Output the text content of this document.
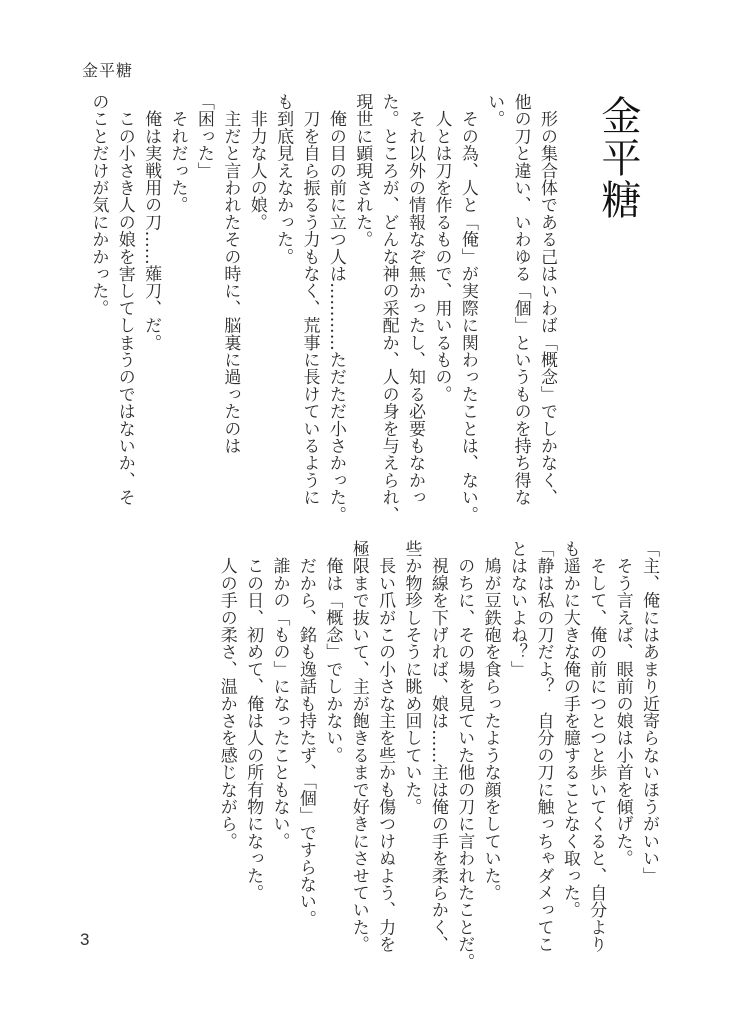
金平糖
金平糖
　形の集合体である己はいわば「概念」でしかなく、
他の刀と違い、いわゆる「個」というものを持ち得な
い。
　その為、人と「俺」が実際に関わったことは、ない。
　人とは刀を作るもので、用いるもの。
　それ以外の情報なぞ無かったし、知る必要もなかっ
た。ところが、どんな神の采配か、人の身を与えられ、
現世に顕現された。
　俺の目の前に立つ人は…………ただただ小さかった。
　刀を自ら振るう力もなく、荒事に長けているように
も到底見えなかった。
　非力な人の娘。
　主だと言われたその時に、脳裏に過ったのは
「困った」
　それだった。
　俺は実戦用の刀……薙刀、だ。
　この小さき人の娘を害してしまうのではないか、そ
のことだけが気にかかった。
「主、俺にはあまり近寄らないほうがいい」
　そう言えば、眼前の娘は小首を傾げた。
　そして、俺の前につとつと歩いてくると、自分より
も遥かに大きな俺の手を臆することなく取った。
「静は私の刀だよ？　自分の刀に触っちゃダメってこ
とはないよね？」
　鳩が豆鉄砲を食らったような顔をしていた。
　のちに、その場を見ていた他の刀に言われたことだ。
　視線を下げれば、娘は……主は俺の手を柔らかく、
些か物珍しそうに眺め回していた。
　長い爪がこの小さな主を些かも傷つけぬよう、力を
極限まで抜いて、主が飽きるまで好きにさせていた。
　俺は「概念」でしかない。
　だから、銘も逸話も持たず、「個」ですらない。
　誰かの「もの」になったこともない。
　この日、初めて、俺は人の所有物になった。
　人の手の柔さ、温かさを感じながら。
3
